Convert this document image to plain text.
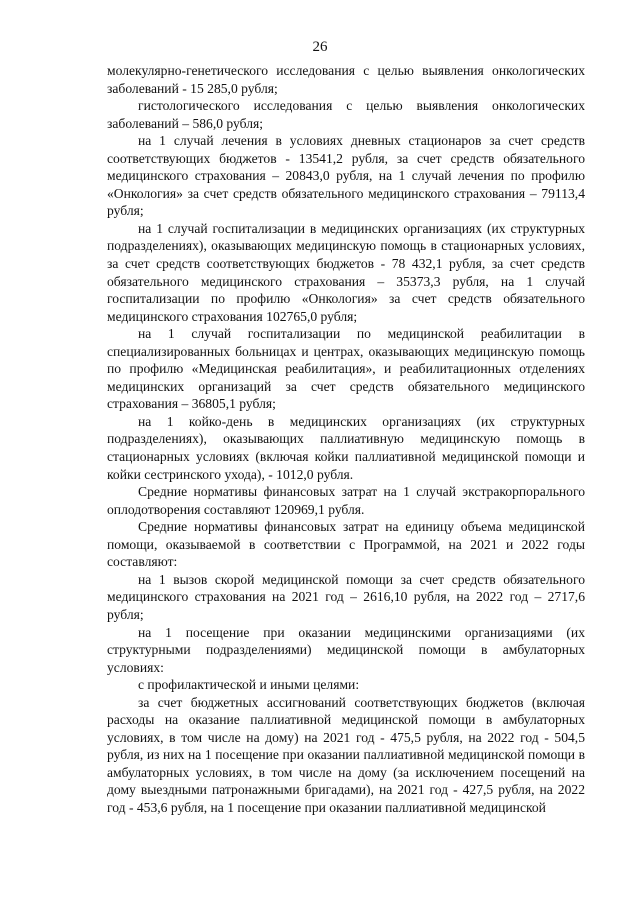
26

молекулярно-генетического исследования с целью выявления онкологических заболеваний - 15 285,0 рубля;

гистологического исследования с целью выявления онкологических заболеваний – 586,0 рубля;

на 1 случай лечения в условиях дневных стационаров за счет средств соответствующих бюджетов - 13541,2 рубля, за счет средств обязательного медицинского страхования – 20843,0 рубля, на 1 случай лечения по профилю «Онкология» за счет средств обязательного медицинского страхования – 79113,4 рубля;

на 1 случай госпитализации в медицинских организациях (их структурных подразделениях), оказывающих медицинскую помощь в стационарных условиях, за счет средств соответствующих бюджетов - 78 432,1 рубля, за счет средств обязательного медицинского страхования – 35373,3 рубля, на 1 случай госпитализации по профилю «Онкология» за счет средств обязательного медицинского страхования 102765,0 рубля;

на 1 случай госпитализации по медицинской реабилитации в специализированных больницах и центрах, оказывающих медицинскую помощь по профилю «Медицинская реабилитация», и реабилитационных отделениях медицинских организаций за счет средств обязательного медицинского страхования – 36805,1 рубля;

на 1 койко-день в медицинских организациях (их структурных подразделениях), оказывающих паллиативную медицинскую помощь в стационарных условиях (включая койки паллиативной медицинской помощи и койки сестринского ухода), - 1012,0 рубля.

Средние нормативы финансовых затрат на 1 случай экстракорпорального оплодотворения составляют 120969,1 рубля.

Средние нормативы финансовых затрат на единицу объема медицинской помощи, оказываемой в соответствии с Программой, на 2021 и 2022 годы составляют:

на 1 вызов скорой медицинской помощи за счет средств обязательного медицинского страхования на 2021 год – 2616,10 рубля, на 2022 год – 2717,6 рубля;

на 1 посещение при оказании медицинскими организациями (их структурными подразделениями) медицинской помощи в амбулаторных условиях:

с профилактической и иными целями:

за счет бюджетных ассигнований соответствующих бюджетов (включая расходы на оказание паллиативной медицинской помощи в амбулаторных условиях, в том числе на дому) на 2021 год - 475,5 рубля, на 2022 год - 504,5 рубля, из них на 1 посещение при оказании паллиативной медицинской помощи в амбулаторных условиях, в том числе на дому (за исключением посещений на дому выездными патронажными бригадами), на 2021 год - 427,5 рубля, на 2022 год - 453,6 рубля, на 1 посещение при оказании паллиативной медицинской
